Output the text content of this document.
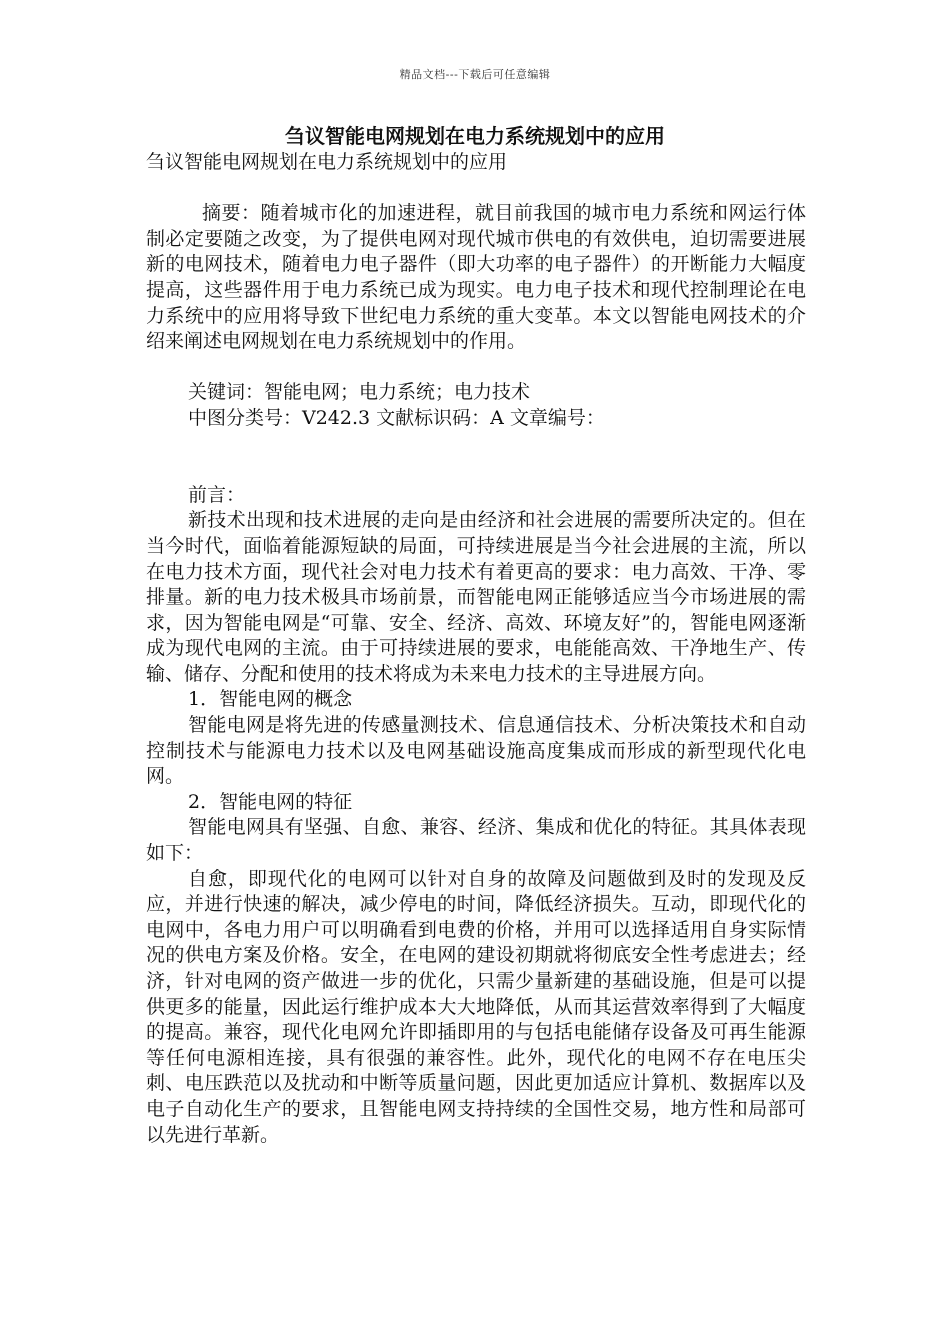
精品文档---下载后可任意编辑
刍议智能电网规划在电力系统规划中的应用

刍议智能电网规划在电力系统规划中的应用

摘要：随着城市化的加速进程，就目前我国的城市电力系统和网运行体制必定要随之改变，为了提供电网对现代城市供电的有效供电，迫切需要进展新的电网技术，随着电力电子器件（即大功率的电子器件）的开断能力大幅度提高，这些器件用于电力系统已成为现实。电力电子技术和现代控制理论在电力系统中的应用将导致下世纪电力系统的重大变革。本文以智能电网技术的介绍来阐述电网规划在电力系统规划中的作用。

关键词：智能电网；电力系统；电力技术

中图分类号：V242.3 文献标识码：A 文章编号：

前言：

新技术出现和技术进展的走向是由经济和社会进展的需要所决定的。但在当今时代，面临着能源短缺的局面，可持续进展是当今社会进展的主流，所以在电力技术方面，现代社会对电力技术有着更高的要求：电力高效、干净、零排量。新的电力技术极具市场前景，而智能电网正能够适应当今市场进展的需求，因为智能电网是“可靠、安全、经济、高效、环境友好”的，智能电网逐渐成为现代电网的主流。由于可持续进展的要求，电能能高效、干净地生产、传输、储存、分配和使用的技术将成为未来电力技术的主导进展方向。

1．智能电网的概念

智能电网是将先进的传感量测技术、信息通信技术、分析决策技术和自动控制技术与能源电力技术以及电网基础设施高度集成而形成的新型现代化电网。

2．智能电网的特征

智能电网具有坚强、自愈、兼容、经济、集成和优化的特征。其具体表现如下：

自愈，即现代化的电网可以针对自身的故障及问题做到及时的发现及反应，并进行快速的解决，减少停电的时间，降低经济损失。互动，即现代化的电网中，各电力用户可以明确看到电费的价格，并用可以选择适用自身实际情况的供电方案及价格。安全，在电网的建设初期就将彻底安全性考虑进去；经济，针对电网的资产做进一步的优化，只需少量新建的基础设施，但是可以提供更多的能量，因此运行维护成本大大地降低，从而其运营效率得到了大幅度的提高。兼容，现代化电网允许即插即用的与包括电能储存设备及可再生能源等任何电源相连接，具有很强的兼容性。此外，现代化的电网不存在电压尖刺、电压跌范以及扰动和中断等质量问题，因此更加适应计算机、数据库以及电子自动化生产的要求，且智能电网支持持续的全国性交易，地方性和局部可以先进行革新。
